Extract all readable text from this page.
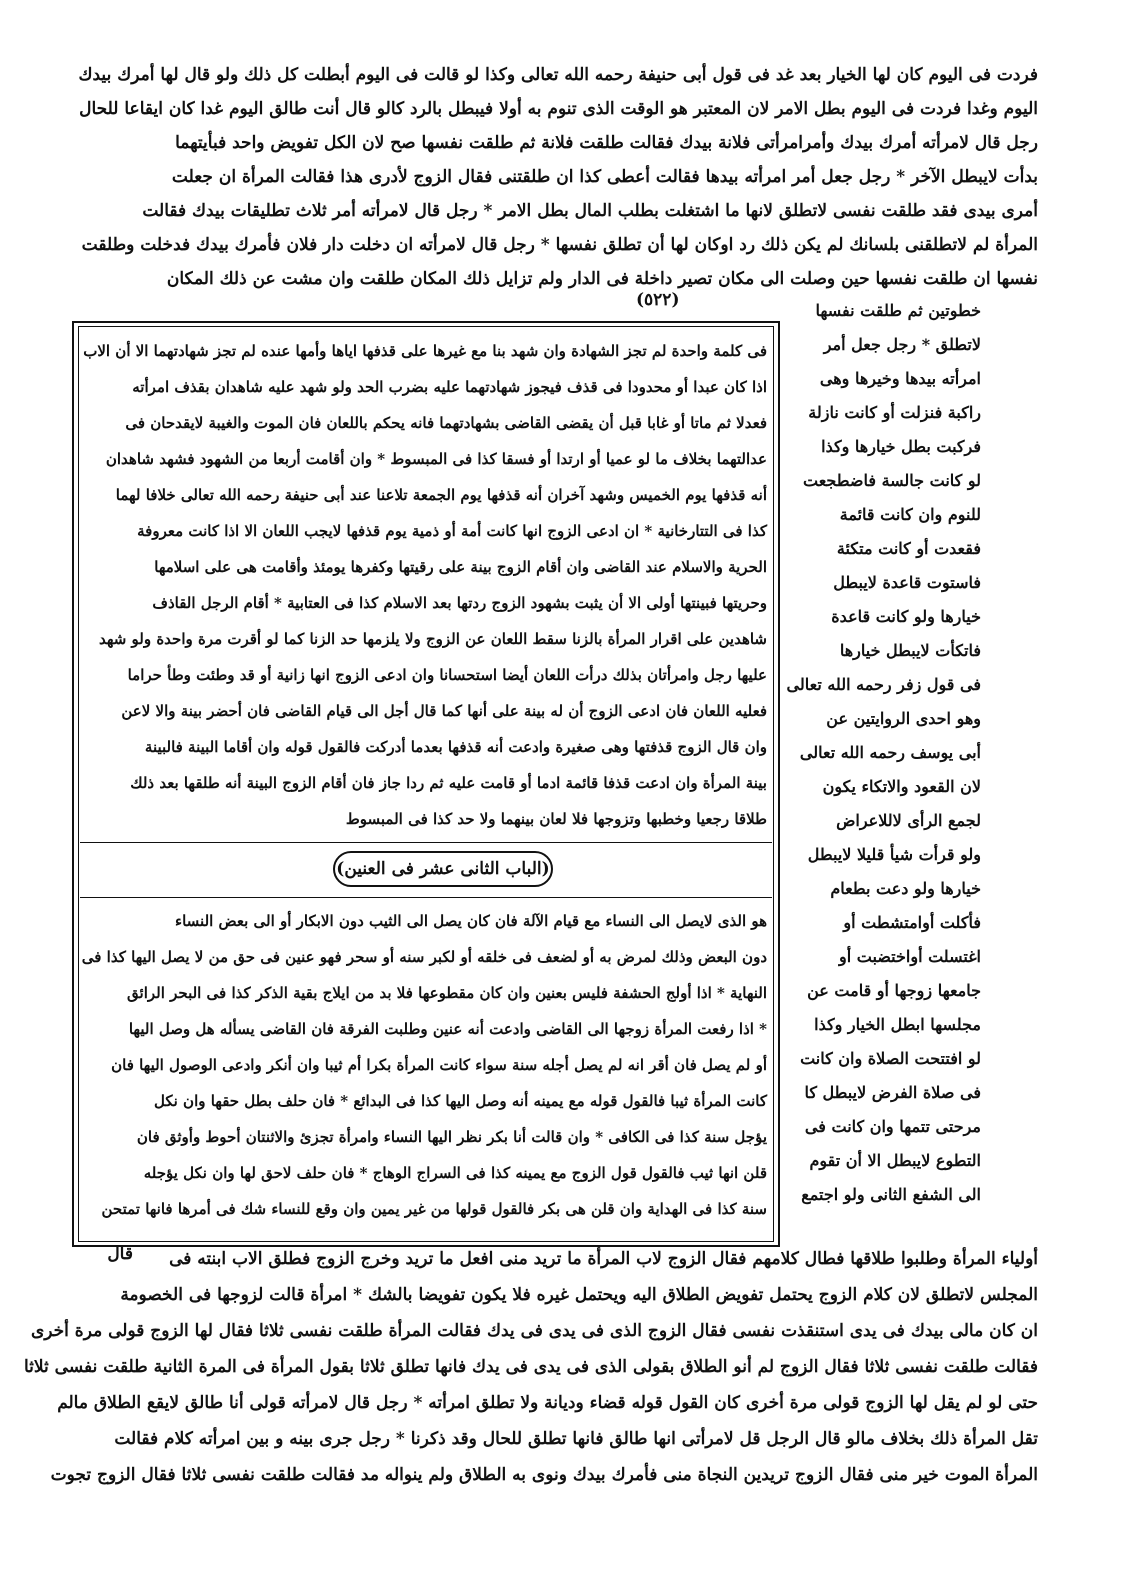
فردت فى اليوم كان لها الخيار بعد غد فى قول أبى حنيفة رحمه الله تعالى وكذا لو قالت فى اليوم أبطلت كل ذلك ولو قال لها أمرك بيدك
اليوم وغدا فردت فى اليوم بطل الامر لان المعتبر هو الوقت الذى تنوم به أولا فيبطل بالرد كالو قال أنت طالق اليوم غدا كان ايقاعا للحال
رجل قال لامرأته أمرك بيدك وأمرامرأتى فلانة بيدك فقالت طلقت فلانة ثم طلقت نفسها صح لان الكل تفويض واحد فبأيتهما
بدأت لايبطل الآخر * رجل جعل أمر امرأته بيدها فقالت أعطى كذا ان طلقتنى فقال الزوج لأدرى هذا فقالت المرأة ان جعلت
أمرى بيدى فقد طلقت نفسى لاتطلق لانها ما اشتغلت بطلب المال بطل الامر * رجل قال لامرأته أمر ثلاث تطليقات بيدك فقالت
المرأة لم لاتطلقنى بلسانك لم يكن ذلك رد اوكان لها أن تطلق نفسها * رجل قال لامرأته ان دخلت دار فلان فأمرك بيدك فدخلت وطلقت
نفسها ان طلقت نفسها حين وصلت الى مكان تصير داخلة فى الدار ولم تزايل ذلك المكان طلقت وان مشت عن ذلك المكان
(٥٢٢)
فى كلمة واحدة لم تجز الشهادة وان شهد بنا مع غيرها على قذفها اياها وأمها عنده لم تجز شهادتهما الا أن الاب
اذا كان عبدا أو محدودا فى قذف فيجوز شهادتهما عليه بضرب الحد ولو شهد عليه شاهدان بقذف امرأته
فعدلا ثم ماتا أو غابا قبل أن يقضى القاضى بشهادتهما فانه يحكم باللعان فان الموت والغيبة لايقدحان فى
عدالتهما بخلاف ما لو عميا أو ارتدا أو فسقا كذا فى المبسوط * وان أقامت أربعا من الشهود فشهد شاهدان
أنه قذفها يوم الخميس وشهد آخران أنه قذفها يوم الجمعة تلاعنا عند أبى حنيفة رحمه الله تعالى خلافا لهما
كذا فى التتارخانية * ان ادعى الزوج انها كانت أمة أو ذمية يوم قذفها لايجب اللعان الا اذا كانت معروفة
الحرية والاسلام عند القاضى وان أقام الزوج بينة على رقيتها وكفرها يومئذ وأقامت هى على اسلامها
وحريتها فبينتها أولى الا أن يثبت بشهود الزوج ردتها بعد الاسلام كذا فى العتابية * أقام الرجل القاذف
شاهدين على اقرار المرأة بالزنا سقط اللعان عن الزوج ولا يلزمها حد الزنا كما لو أقرت مرة واحدة ولو شهد
عليها رجل وامرأتان بذلك درأت اللعان أيضا استحسانا وان ادعى الزوج انها زانية أو قد وطئت وطأ حراما
فعليه اللعان فان ادعى الزوج أن له بينة على أنها كما قال أجل الى قيام القاضى فان أحضر بينة والا لاعن
وان قال الزوج قذفتها وهى صغيرة وادعت أنه قذفها بعدما أدركت فالقول قوله وان أقاما البينة فالبينة
بينة المرأة وان ادعت قذفا قائمة ادما أو قامت عليه ثم ردا جاز فان أقام الزوج البينة أنه طلقها بعد ذلك
طلاقا رجعيا وخطبها وتزوجها فلا لعان بينهما ولا حد كذا فى المبسوط
(الباب الثانى عشر فى العنين)
هو الذى لايصل الى النساء مع قيام الآلة فان كان يصل الى الثيب دون الابكار أو الى بعض النساء
دون البعض وذلك لمرض به أو لضعف فى خلقه أو لكبر سنه أو سحر فهو عنين فى حق من لا يصل اليها كذا فى
النهاية * اذا أولج الحشفة فليس بعنين وان كان مقطوعها فلا بد من ايلاج بقية الذكر كذا فى البحر الرائق
* اذا رفعت المرأة زوجها الى القاضى وادعت أنه عنين وطلبت الفرقة فان القاضى يسأله هل وصل اليها
أو لم يصل فان أقر انه لم يصل أجله سنة سواء كانت المرأة بكرا أم ثيبا وان أنكر وادعى الوصول اليها فان
كانت المرأة ثيبا فالقول قوله مع يمينه أنه وصل اليها كذا فى البدائع * فان حلف بطل حقها وان نكل
يؤجل سنة كذا فى الكافى * وان قالت أنا بكر نظر اليها النساء وامرأة تجزئ والاثنتان أحوط وأوثق فان
قلن انها ثيب فالقول قول الزوج مع يمينه كذا فى السراج الوهاج * فان حلف لاحق لها وان نكل يؤجله
سنة كذا فى الهداية وان قلن هى بكر فالقول قولها من غير يمين وان وقع للنساء شك فى أمرها فانها تمتحن
خطوتين ثم طلقت نفسها
لاتطلق * رجل جعل أمر
امرأته بيدها وخيرها وهى
راكبة فنزلت أو كانت نازلة
فركبت بطل خيارها وكذا
لو كانت جالسة فاضطجعت
للنوم وان كانت قائمة
فقعدت أو كانت متكئة
فاستوت قاعدة لايبطل
خيارها ولو كانت قاعدة
فاتكأت لايبطل خيارها
فى قول زفر رحمه الله تعالى
وهو احدى الروايتين عن
أبى يوسف رحمه الله تعالى
لان القعود والاتكاء يكون
لجمع الرأى لاللاعراض
ولو قرأت شيأ قليلا لايبطل
خيارها ولو دعت بطعام
فأكلت أوامتشطت أو
اغتسلت أواختضبت أو
جامعها زوجها أو قامت عن
مجلسها ابطل الخيار وكذا
لو افتتحت الصلاة وان كانت
فى صلاة الفرض لايبطل كا
مرحتى تتمها وان كانت فى
التطوع لايبطل الا أن تقوم
الى الشفع الثانى ولو اجتمع
أولياء المرأة وطلبوا طلاقها فطال كلامهم فقال الزوج لاب المرأة ما تريد منى افعل ما تريد وخرج الزوج فطلق الاب ابنته فى
قال
المجلس لاتطلق لان كلام الزوج يحتمل تفويض الطلاق اليه ويحتمل غيره فلا يكون تفويضا بالشك * امرأة قالت لزوجها فى الخصومة
ان كان مالى بيدك فى يدى استنقذت نفسى فقال الزوج الذى فى يدى فى يدك فقالت المرأة طلقت نفسى ثلاثا فقال لها الزوج قولى مرة أخرى
فقالت طلقت نفسى ثلاثا فقال الزوج لم أنو الطلاق بقولى الذى فى يدى فى يدك فانها تطلق ثلاثا بقول المرأة فى المرة الثانية طلقت نفسى ثلاثا
حتى لو لم يقل لها الزوج قولى مرة أخرى كان القول قوله قضاء وديانة ولا تطلق امرأته * رجل قال لامرأته قولى أنا طالق لايقع الطلاق مالم
تقل المرأة ذلك بخلاف مالو قال الرجل قل لامرأتى انها طالق فانها تطلق للحال وقد ذكرنا * رجل جرى بينه و بين امرأته كلام فقالت
المرأة الموت خير منى فقال الزوج تريدين النجاة منى فأمرك بيدك ونوى به الطلاق ولم ينواله مد فقالت طلقت نفسى ثلاثا فقال الزوج تجوت
